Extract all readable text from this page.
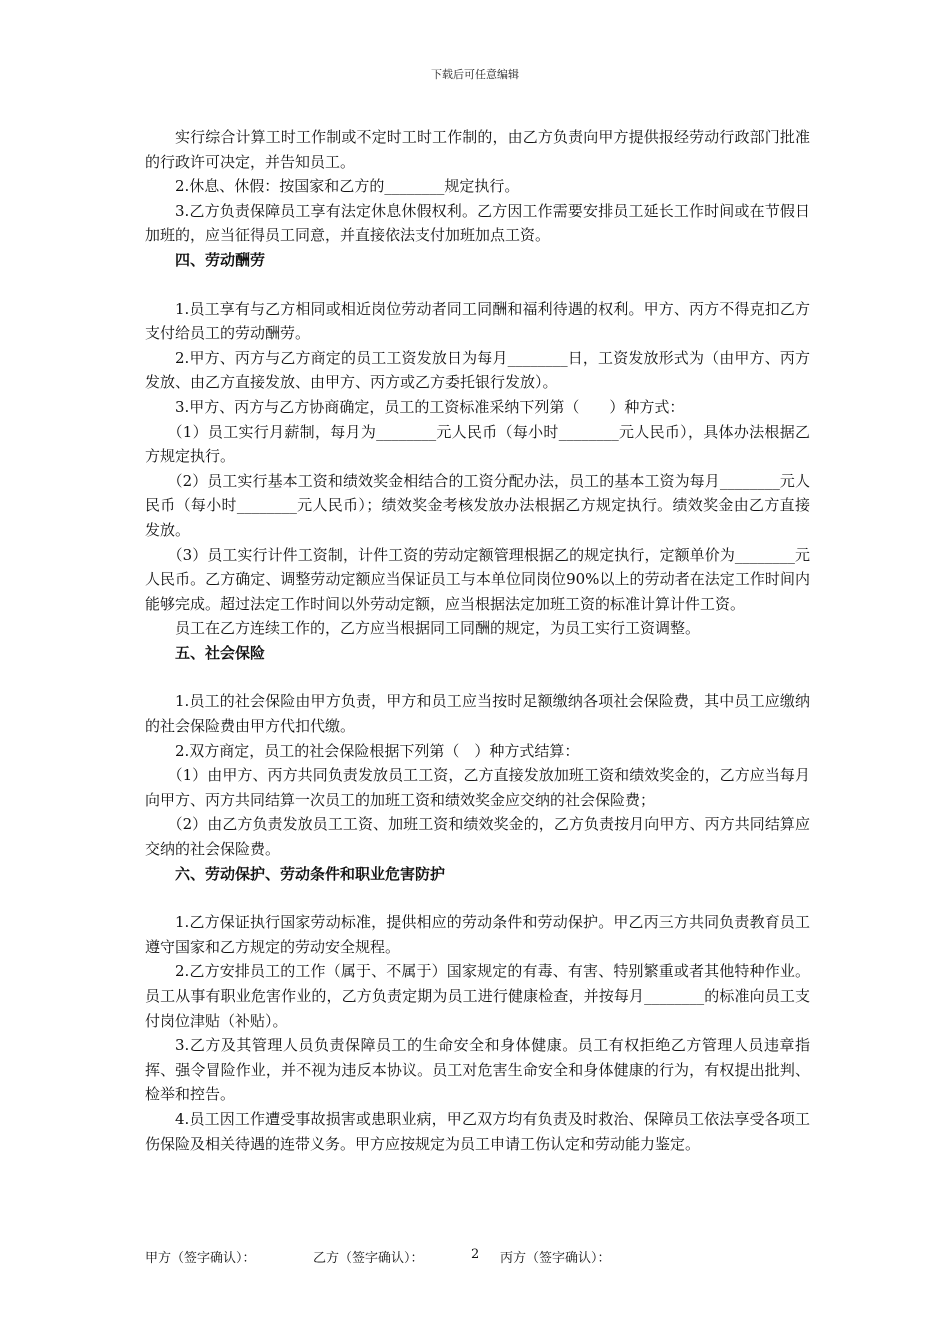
下载后可任意编辑

实行综合计算工时工作制或不定时工时工作制的，由乙方负责向甲方提供报经劳动行政部门批准的行政许可决定，并告知员工。

2.休息、休假：按国家和乙方的________规定执行。

3.乙方负责保障员工享有法定休息休假权利。乙方因工作需要安排员工延长工作时间或在节假日加班的，应当征得员工同意，并直接依法支付加班加点工资。

四、劳动酬劳

1.员工享有与乙方相同或相近岗位劳动者同工同酬和福利待遇的权利。甲方、丙方不得克扣乙方支付给员工的劳动酬劳。

2.甲方、丙方与乙方商定的员工工资发放日为每月________日，工资发放形式为（由甲方、丙方发放、由乙方直接发放、由甲方、丙方或乙方委托银行发放）。

3.甲方、丙方与乙方协商确定，员工的工资标准采纳下列第（　　）种方式：

（1）员工实行月薪制，每月为________元人民币（每小时________元人民币），具体办法根据乙方规定执行。

（2）员工实行基本工资和绩效奖金相结合的工资分配办法，员工的基本工资为每月________元人民币（每小时________元人民币）；绩效奖金考核发放办法根据乙方规定执行。绩效奖金由乙方直接发放。

（3）员工实行计件工资制，计件工资的劳动定额管理根据乙的规定执行，定额单价为________元人民币。乙方确定、调整劳动定额应当保证员工与本单位同岗位90%以上的劳动者在法定工作时间内能够完成。超过法定工作时间以外劳动定额，应当根据法定加班工资的标准计算计件工资。

员工在乙方连续工作的，乙方应当根据同工同酬的规定，为员工实行工资调整。

五、社会保险

1.员工的社会保险由甲方负责，甲方和员工应当按时足额缴纳各项社会保险费，其中员工应缴纳的社会保险费由甲方代扣代缴。

2.双方商定，员工的社会保险根据下列第（　）种方式结算：

（1）由甲方、丙方共同负责发放员工工资，乙方直接发放加班工资和绩效奖金的，乙方应当每月向甲方、丙方共同结算一次员工的加班工资和绩效奖金应交纳的社会保险费；

（2）由乙方负责发放员工工资、加班工资和绩效奖金的，乙方负责按月向甲方、丙方共同结算应交纳的社会保险费。

六、劳动保护、劳动条件和职业危害防护

1.乙方保证执行国家劳动标准，提供相应的劳动条件和劳动保护。甲乙丙三方共同负责教育员工遵守国家和乙方规定的劳动安全规程。

2.乙方安排员工的工作（属于、不属于）国家规定的有毒、有害、特别繁重或者其他特种作业。员工从事有职业危害作业的，乙方负责定期为员工进行健康检查，并按每月________的标准向员工支付岗位津贴（补贴）。

3.乙方及其管理人员负责保障员工的生命安全和身体健康。员工有权拒绝乙方管理人员违章指挥、强令冒险作业，并不视为违反本协议。员工对危害生命安全和身体健康的行为，有权提出批判、检举和控告。

4.员工因工作遭受事故损害或患职业病，甲乙双方均有负责及时救治、保障员工依法享受各项工伤保险及相关待遇的连带义务。甲方应按规定为员工申请工伤认定和劳动能力鉴定。

甲方（签字确认）：	乙方（签字确认）：	2 丙方（签字确认）：
